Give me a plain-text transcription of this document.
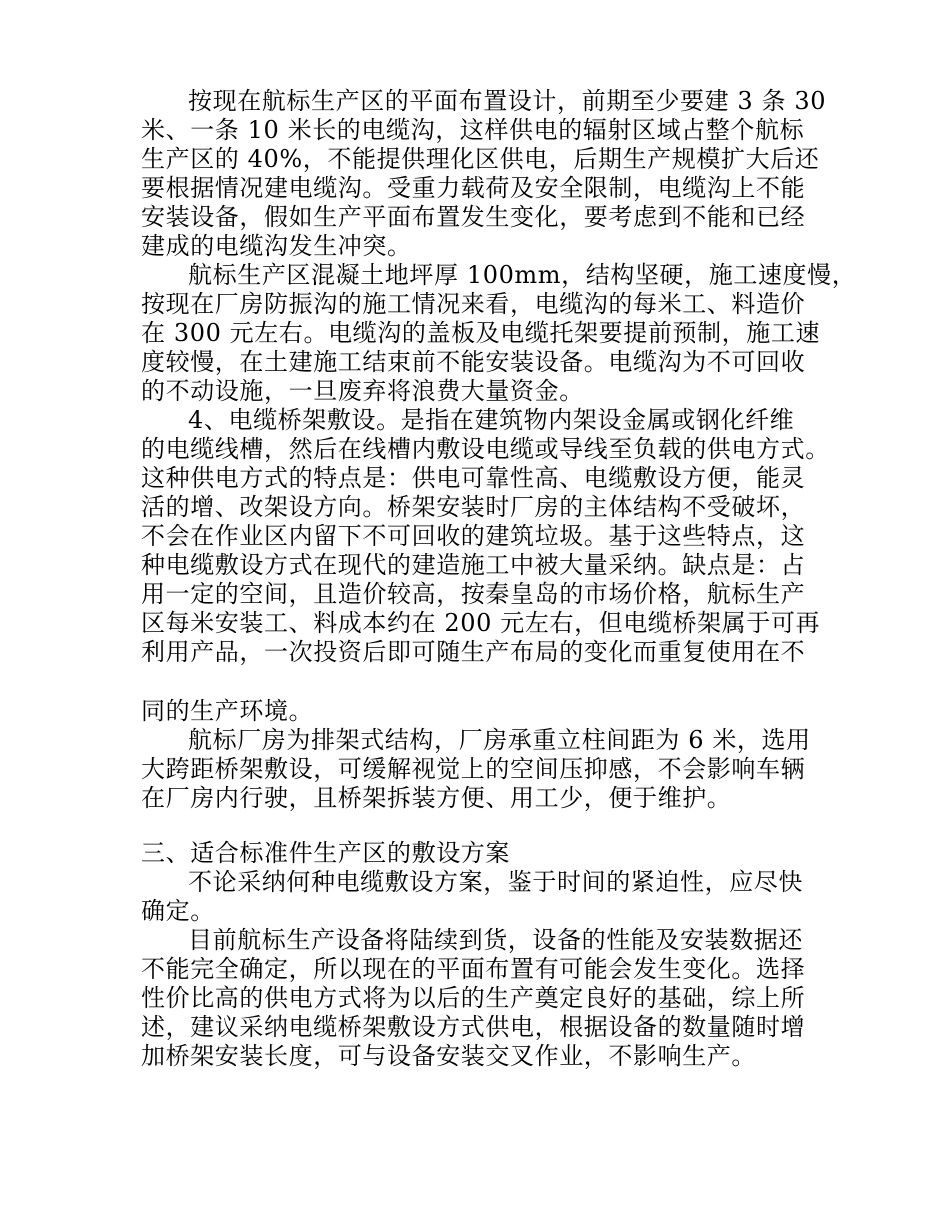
按现在航标生产区的平面布置设计，前期至少要建 3 条 30
米、一条 10 米长的电缆沟，这样供电的辐射区域占整个航标
生产区的 40%，不能提供理化区供电，后期生产规模扩大后还
要根据情况建电缆沟。受重力载荷及安全限制，电缆沟上不能
安装设备，假如生产平面布置发生变化，要考虑到不能和已经
建成的电缆沟发生冲突。
航标生产区混凝土地坪厚 100mm，结构坚硬，施工速度慢，
按现在厂房防振沟的施工情况来看，电缆沟的每米工、料造价
在 300 元左右。电缆沟的盖板及电缆托架要提前预制，施工速
度较慢，在土建施工结束前不能安装设备。电缆沟为不可回收
的不动设施，一旦废弃将浪费大量资金。
4、电缆桥架敷设。是指在建筑物内架设金属或钢化纤维
的电缆线槽，然后在线槽内敷设电缆或导线至负载的供电方式。
这种供电方式的特点是：供电可靠性高、电缆敷设方便，能灵
活的增、改架设方向。桥架安装时厂房的主体结构不受破坏，
不会在作业区内留下不可回收的建筑垃圾。基于这些特点，这
种电缆敷设方式在现代的建造施工中被大量采纳。缺点是：占
用一定的空间，且造价较高，按秦皇岛的市场价格，航标生产
区每米安装工、料成本约在 200 元左右，但电缆桥架属于可再
利用产品，一次投资后即可随生产布局的变化而重复使用在不
同的生产环境。
航标厂房为排架式结构，厂房承重立柱间距为 6 米，选用
大跨距桥架敷设，可缓解视觉上的空间压抑感，不会影响车辆
在厂房内行驶，且桥架拆装方便、用工少，便于维护。
三、适合标准件生产区的敷设方案
不论采纳何种电缆敷设方案，鉴于时间的紧迫性，应尽快
确定。
目前航标生产设备将陆续到货，设备的性能及安装数据还
不能完全确定，所以现在的平面布置有可能会发生变化。选择
性价比高的供电方式将为以后的生产奠定良好的基础，综上所
述，建议采纳电缆桥架敷设方式供电，根据设备的数量随时增
加桥架安装长度，可与设备安装交叉作业，不影响生产。
